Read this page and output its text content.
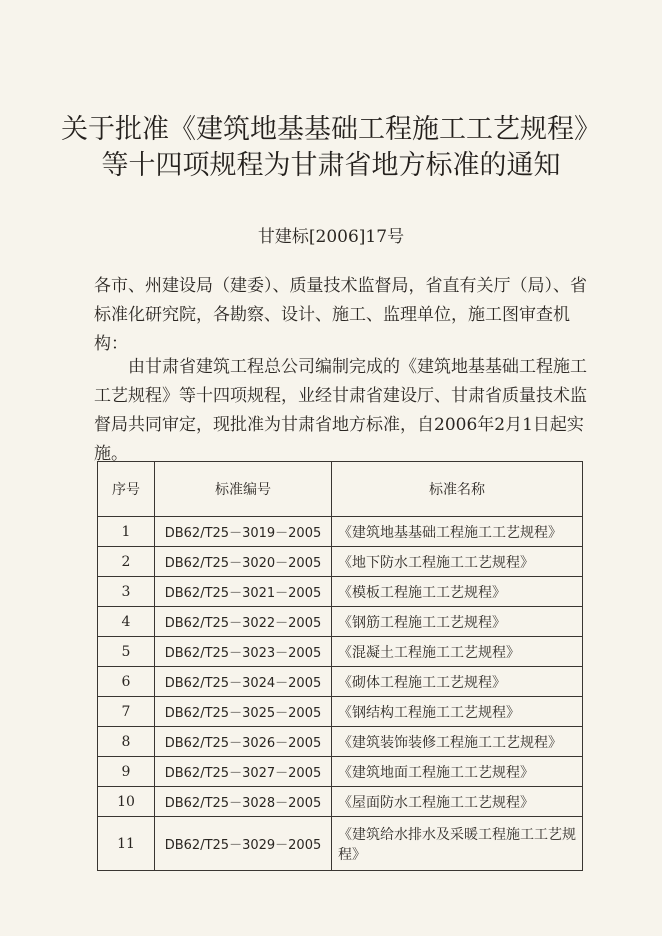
关于批准《建筑地基基础工程施工工艺规程》
等十四项规程为甘肃省地方标准的通知
甘建标[2006]17号
各市、州建设局（建委）、质量技术监督局，省直有关厅（局）、省标准化研究院，各勘察、设计、施工、监理单位，施工图审查机构：
由甘肃省建筑工程总公司编制完成的《建筑地基基础工程施工工艺规程》等十四项规程，业经甘肃省建设厅、甘肃省质量技术监督局共同审定，现批准为甘肃省地方标准，自2006年2月1日起实施。
序号	标准编号	标准名称
1	DB62/T25－3019－2005	《建筑地基基础工程施工工艺规程》
2	DB62/T25－3020－2005	《地下防水工程施工工艺规程》
3	DB62/T25－3021－2005	《模板工程施工工艺规程》
4	DB62/T25－3022－2005	《钢筋工程施工工艺规程》
5	DB62/T25－3023－2005	《混凝土工程施工工艺规程》
6	DB62/T25－3024－2005	《砌体工程施工工艺规程》
7	DB62/T25－3025－2005	《钢结构工程施工工艺规程》
8	DB62/T25－3026－2005	《建筑装饰装修工程施工工艺规程》
9	DB62/T25－3027－2005	《建筑地面工程施工工艺规程》
10	DB62/T25－3028－2005	《屋面防水工程施工工艺规程》
11	DB62/T25－3029－2005	《建筑给水排水及采暖工程施工工艺规程》
